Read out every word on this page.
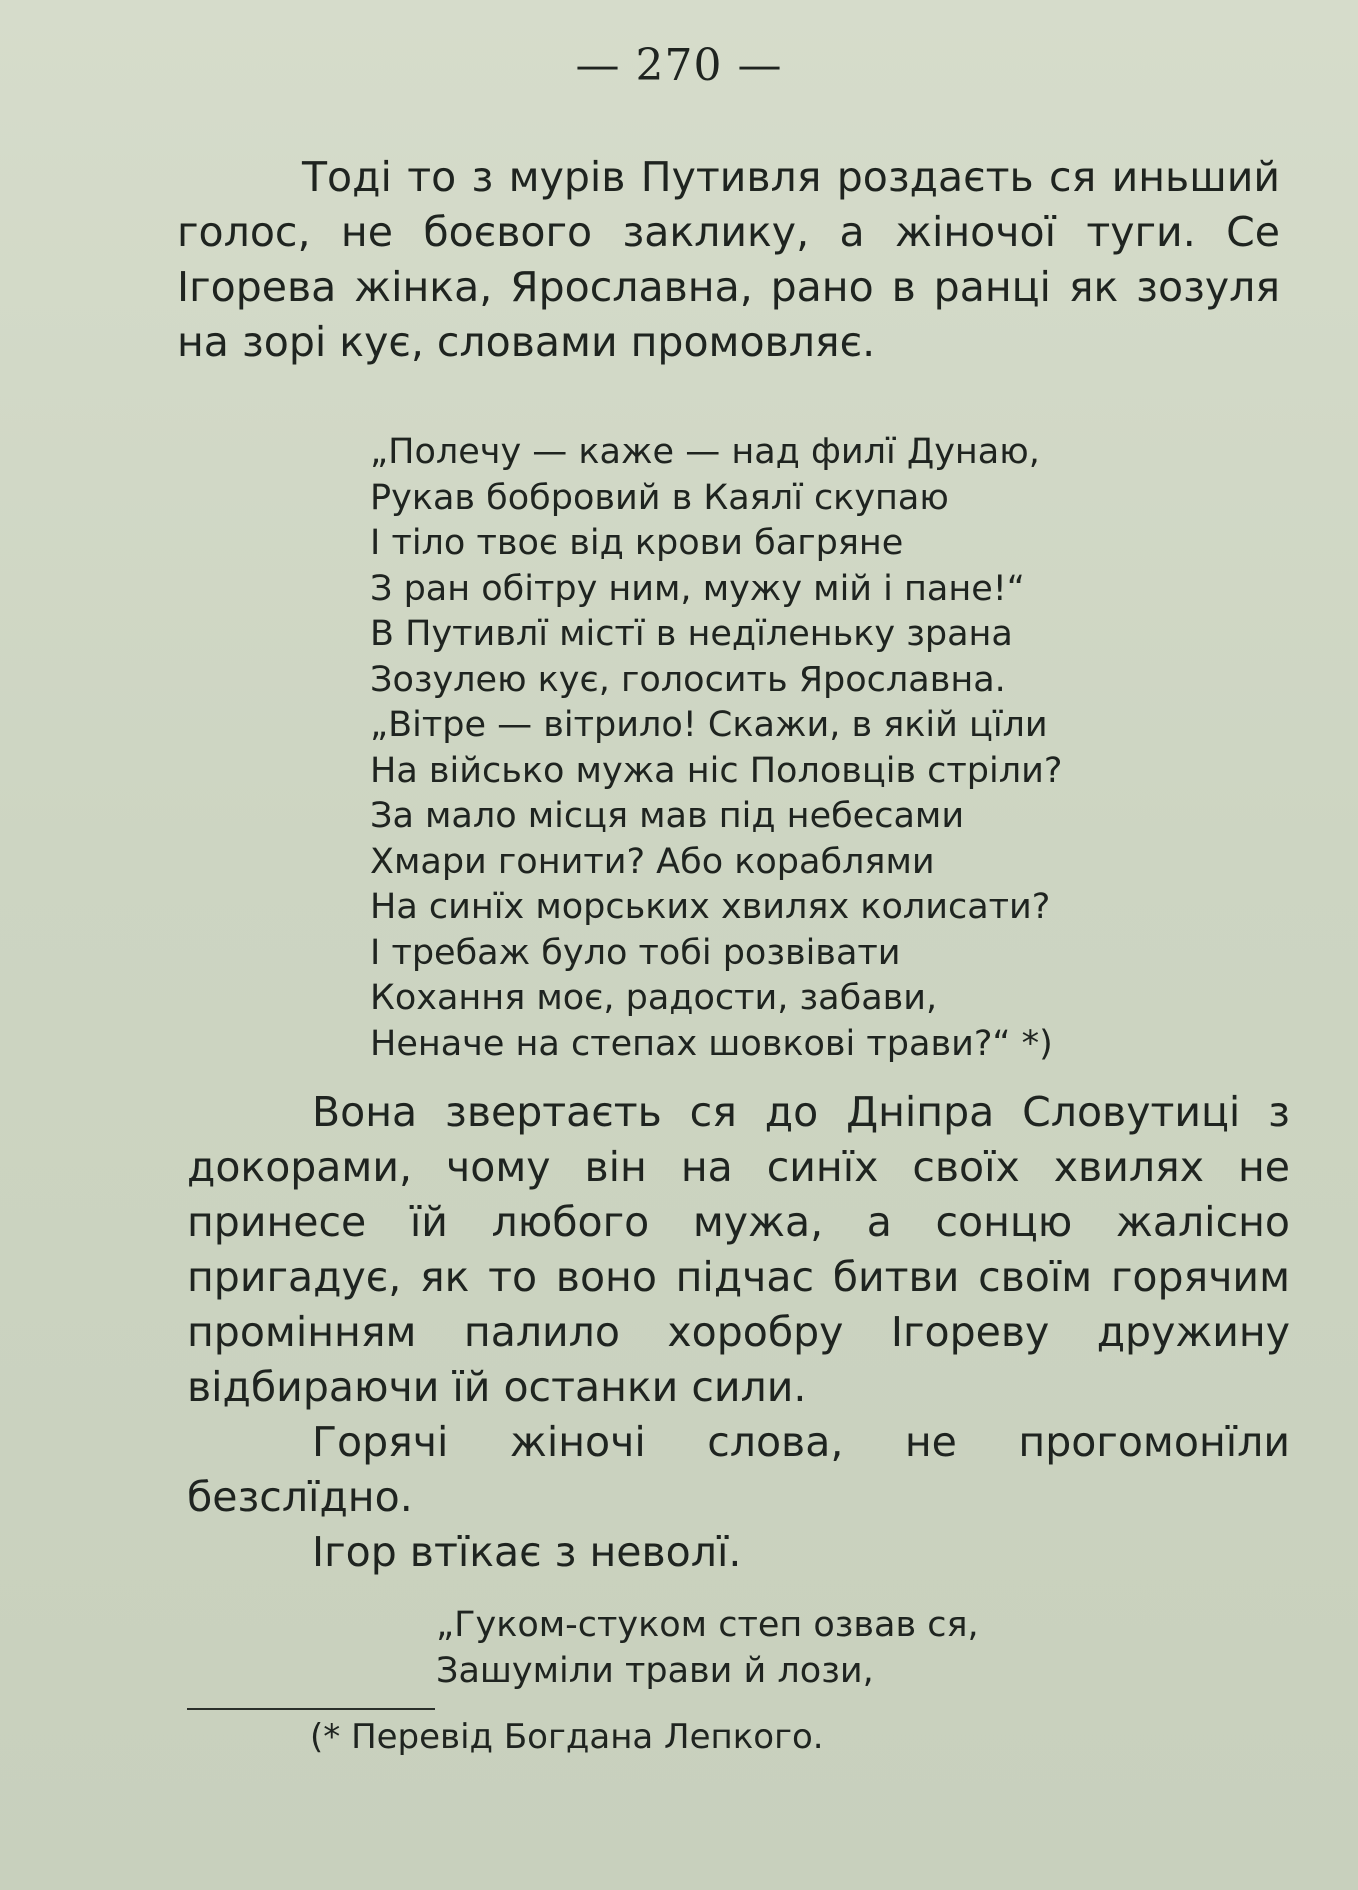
— 270 —

Тоді то з мурів Путивля роздаєть ся иньший голос, не боєвого заклику, а жіночої туги. Се Ігорева жінка, Ярославна, рано в ранці як зозуля на зорі кує, словами промовляє.

„Полечу — каже — над филї Дунаю,
Рукав бобровий в Каялї скупаю
І тіло твоє від крови багряне
З ран обітру ним, мужу мій і пане!“
В Путивлї містї в недїленьку зрана
Зозулею кує, голосить Ярославна.
„Вітре — вітрило! Скажи, в якій цїли
На військо мужа ніс Половців стріли?
За мало місця мав під небесами
Хмари гонити? Або кораблями
На синїх морських хвилях колисати?
І требаж було тобі розвівати
Кохання моє, радости, забави,
Неначе на степах шовкові трави?“ *)

Вона звертаєть ся до Дніпра Словутиці з докорами, чому він на синїх своїх хвилях не принесе їй любого мужа, а сонцю жалісно пригадує, як то воно підчас битви своїм горячим промінням палило хоробру Ігореву дружину відбираючи їй останки сили.

Горячі жіночі слова, не прогомонїли безслїдно.

Ігор втїкає з неволї.

„Гуком-стуком степ озвав ся,
Зашуміли трави й лози,
(* Перевід Богдана Лепкого.
